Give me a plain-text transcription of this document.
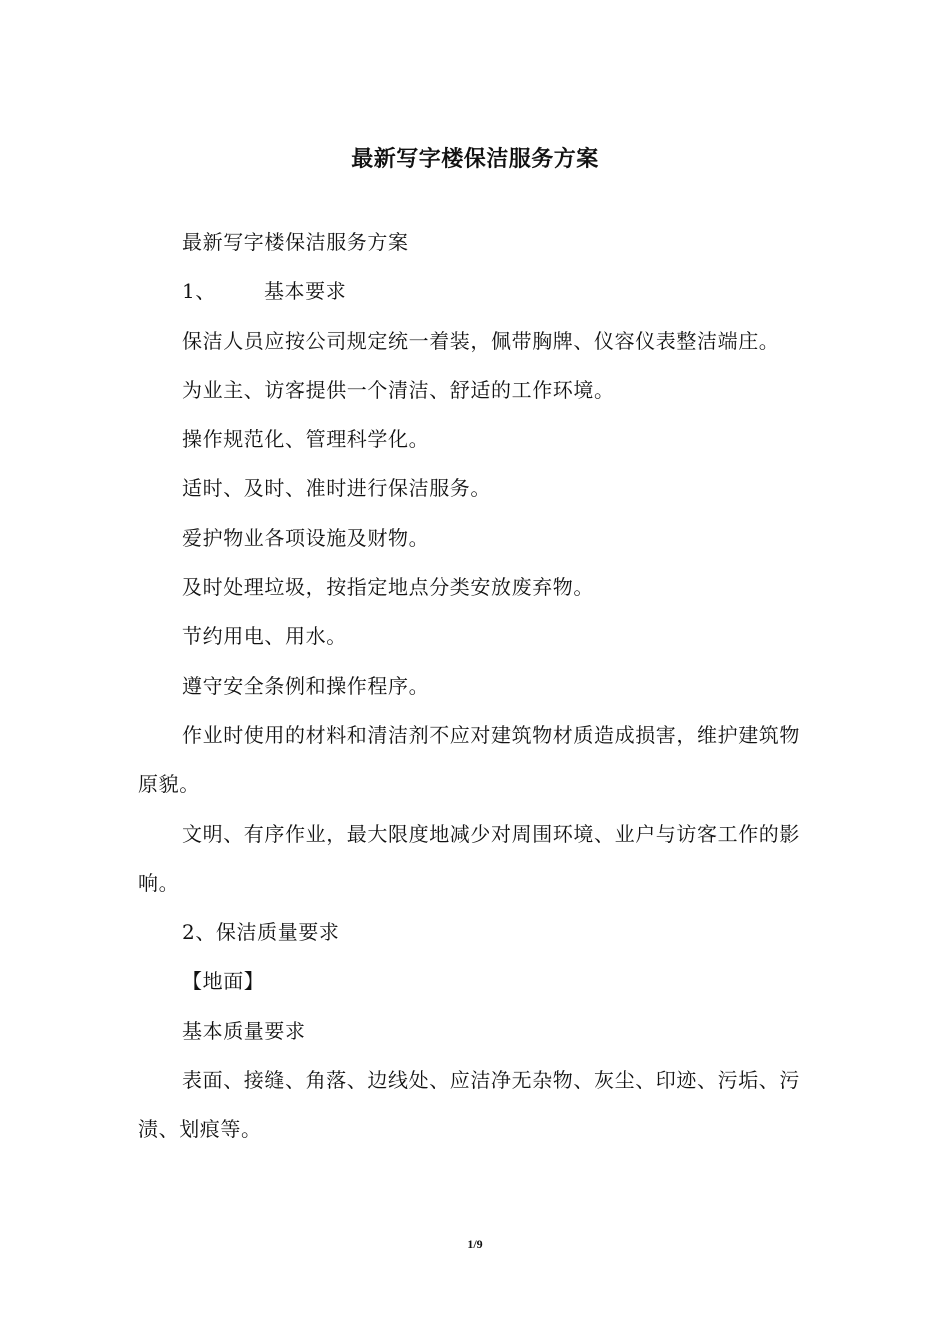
最新写字楼保洁服务方案

最新写字楼保洁服务方案

1、 基本要求

保洁人员应按公司规定统一着装，佩带胸牌、仪容仪表整洁端庄。

为业主、访客提供一个清洁、舒适的工作环境。

操作规范化、管理科学化。

适时、及时、准时进行保洁服务。

爱护物业各项设施及财物。

及时处理垃圾，按指定地点分类安放废弃物。

节约用电、用水。

遵守安全条例和操作程序。

作业时使用的材料和清洁剂不应对建筑物材质造成损害，维护建筑物原貌。

文明、有序作业，最大限度地减少对周围环境、业户与访客工作的影响。

2、保洁质量要求

【地面】

基本质量要求

表面、接缝、角落、边线处、应洁净无杂物、灰尘、印迹、污垢、污渍、划痕等。

1/9
